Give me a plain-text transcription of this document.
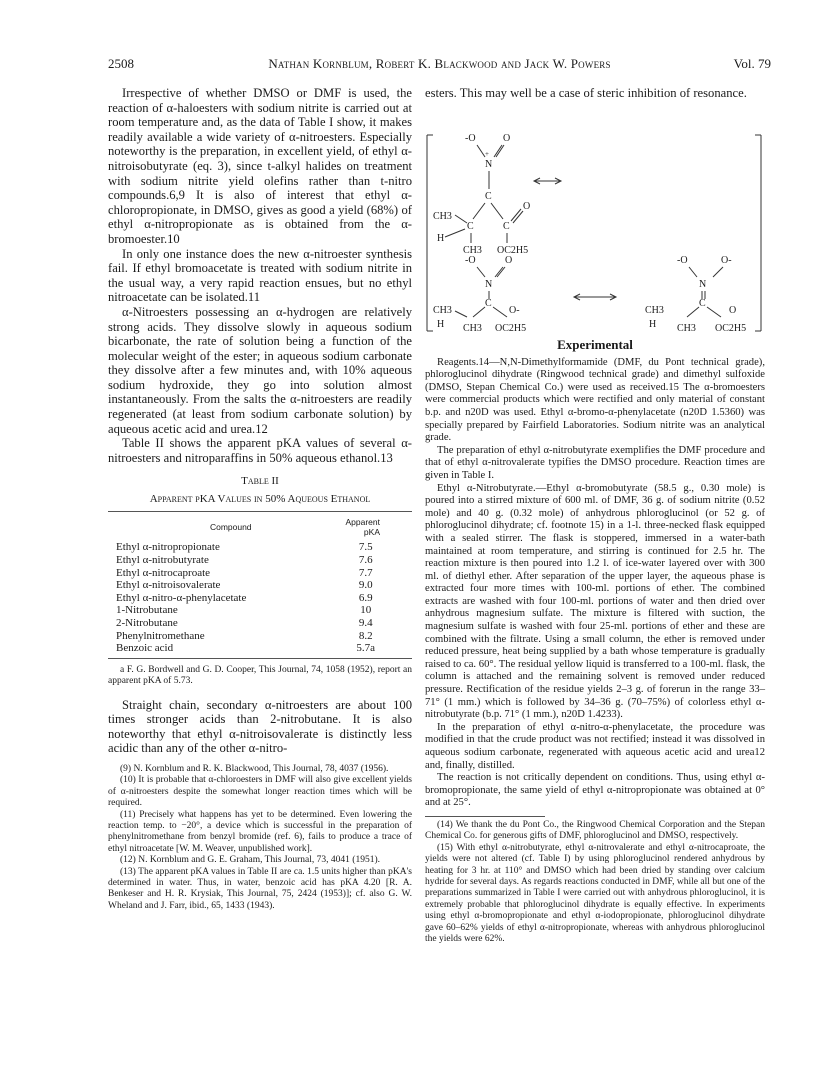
2508	Nathan Kornblum, Robert K. Blackwood and Jack W. Powers	Vol. 79

Irrespective of whether DMSO or DMF is used, the reaction of α-haloesters with sodium nitrite is carried out at room temperature and, as the data of Table I show, it makes readily available a wide variety of α-nitroesters. Especially noteworthy is the preparation, in excellent yield, of ethyl α-nitroisobutyrate (eq. 3), since t-alkyl halides on treatment with sodium nitrite yield olefins rather than t-nitro compounds.6,9 It is also of interest that ethyl α-chloropropionate, in DMSO, gives as good a yield (68%) of ethyl α-nitropropionate as is obtained from the α-bromoester.10

In only one instance does the new α-nitroester synthesis fail. If ethyl bromoacetate is treated with sodium nitrite in the usual way, a very rapid reaction ensues, but no ethyl nitroacetate can be isolated.11

α-Nitroesters possessing an α-hydrogen are relatively strong acids. They dissolve slowly in aqueous sodium bicarbonate, the rate of solution being a function of the molecular weight of the ester; in aqueous sodium carbonate they dissolve after a few minutes and, with 10% aqueous sodium hydroxide, they go into solution almost instantaneously. From the salts the α-nitroesters are readily regenerated (at least from sodium carbonate solution) by aqueous acetic acid and urea.12

Table II shows the apparent pKA values of several α-nitroesters and nitroparaffins in 50% aqueous ethanol.13

Table II
Apparent pKA Values in 50% Aqueous Ethanol
Compound	Apparent pKA
Ethyl α-nitropropionate	7.5
Ethyl α-nitrobutyrate	7.6
Ethyl α-nitrocaproate	7.7
Ethyl α-nitroisovalerate	9.0
Ethyl α-nitro-α-phenylacetate	6.9
1-Nitrobutane	10
2-Nitrobutane	9.4
Phenylnitromethane	8.2
Benzoic acid	5.7a

a F. G. Bordwell and G. D. Cooper, This Journal, 74, 1058 (1952), report an apparent pKA of 5.73.

Straight chain, secondary α-nitroesters are about 100 times stronger acids than 2-nitrobutane. It is also noteworthy that ethyl α-nitroisovalerate is distinctly less acidic than any of the other α-nitro-

(9) N. Kornblum and R. K. Blackwood, This Journal, 78, 4037 (1956).

(10) It is probable that α-chloroesters in DMF will also give excellent yields of α-nitroesters despite the somewhat longer reaction times which will be required.

(11) Precisely what happens has yet to be determined. Even lowering the reaction temp. to −20°, a device which is successful in the preparation of phenylnitromethane from benzyl bromide (ref. 6), fails to produce a trace of ethyl nitroacetate [W. M. Weaver, unpublished work].

(12) N. Kornblum and G. E. Graham, This Journal, 73, 4041 (1951).

(13) The apparent pKA values in Table II are ca. 1.5 units higher than pKA's determined in water. Thus, in water, benzoic acid has pKA 4.20 [R. A. Benkeser and H. R. Krysiak, This Journal, 75, 2424 (1953)]; cf. also G. W. Wheland and J. Farr, ibid., 65, 1433 (1943).

esters. This may well be a case of steric inhibition of resonance.

-O	O
+
N
C
CH3
C	C
O
H
CH3 OC2H5
-O	O
N
C
CH3	O-
H CH3 OC2H5
-O	O-
N
C
CH3	O
H CH3 OC2H5
Experimental

Reagents.14—N,N-Dimethylformamide (DMF, du Pont technical grade), phloroglucinol dihydrate (Ringwood technical grade) and dimethyl sulfoxide (DMSO, Stepan Chemical Co.) were used as received.15 The α-bromoesters were commercial products which were rectified and only material of constant b.p. and n20D was used. Ethyl α-bromo-α-phenylacetate (n20D 1.5360) was specially prepared by Fairfield Laboratories. Sodium nitrite was an analytical grade.

The preparation of ethyl α-nitrobutyrate exemplifies the DMF procedure and that of ethyl α-nitrovalerate typifies the DMSO procedure. Reaction times are given in Table I.

Ethyl α-Nitrobutyrate.—Ethyl α-bromobutyrate (58.5 g., 0.30 mole) is poured into a stirred mixture of 600 ml. of DMF, 36 g. of sodium nitrite (0.52 mole) and 40 g. (0.32 mole) of anhydrous phloroglucinol (or 52 g. of phloroglucinol dihydrate; cf. footnote 15) in a 1-l. three-necked flask equipped with a sealed stirrer. The flask is stoppered, immersed in a water-bath maintained at room temperature, and stirring is continued for 2.5 hr. The reaction mixture is then poured into 1.2 l. of ice-water layered over with 300 ml. of diethyl ether. After separation of the upper layer, the aqueous phase is extracted four more times with 100-ml. portions of ether. The combined extracts are washed with four 100-ml. portions of water and then dried over anhydrous magnesium sulfate. The mixture is filtered with suction, the magnesium sulfate is washed with four 25-ml. portions of ether and these are combined with the filtrate. Using a small column, the ether is removed under reduced pressure, heat being supplied by a bath whose temperature is gradually raised to ca. 60°. The residual yellow liquid is transferred to a 100-ml. flask, the column is attached and the remaining solvent is removed under reduced pressure. Rectification of the residue yields 2–3 g. of forerun in the range 33–71° (1 mm.) which is followed by 34–36 g. (70–75%) of colorless ethyl α-nitrobutyrate (b.p. 71° (1 mm.), n20D 1.4233).

In the preparation of ethyl α-nitro-α-phenylacetate, the procedure was modified in that the crude product was not rectified; instead it was dissolved in aqueous sodium carbonate, regenerated with aqueous acetic acid and urea12 and, finally, distilled.

The reaction is not critically dependent on conditions. Thus, using ethyl α-bromopropionate, the same yield of ethyl α-nitropropionate was obtained at 0° and at 25°.

(14) We thank the du Pont Co., the Ringwood Chemical Corporation and the Stepan Chemical Co. for generous gifts of DMF, phloroglucinol and DMSO, respectively.

(15) With ethyl α-nitrobutyrate, ethyl α-nitrovalerate and ethyl α-nitrocaproate, the yields were not altered (cf. Table I) by using phloroglucinol rendered anhydrous by heating for 3 hr. at 110° and DMSO which had been dried by standing over calcium hydride for several days. As regards reactions conducted in DMF, while all but one of the preparations summarized in Table I were carried out with anhydrous phloroglucinol, it is extremely probable that phloroglucinol dihydrate is equally effective. In experiments using ethyl α-bromopropionate and ethyl α-iodopropionate, phloroglucinol dihydrate gave 60–62% yields of ethyl α-nitropropionate, whereas with anhydrous phloroglucinol the yields were 62%.
